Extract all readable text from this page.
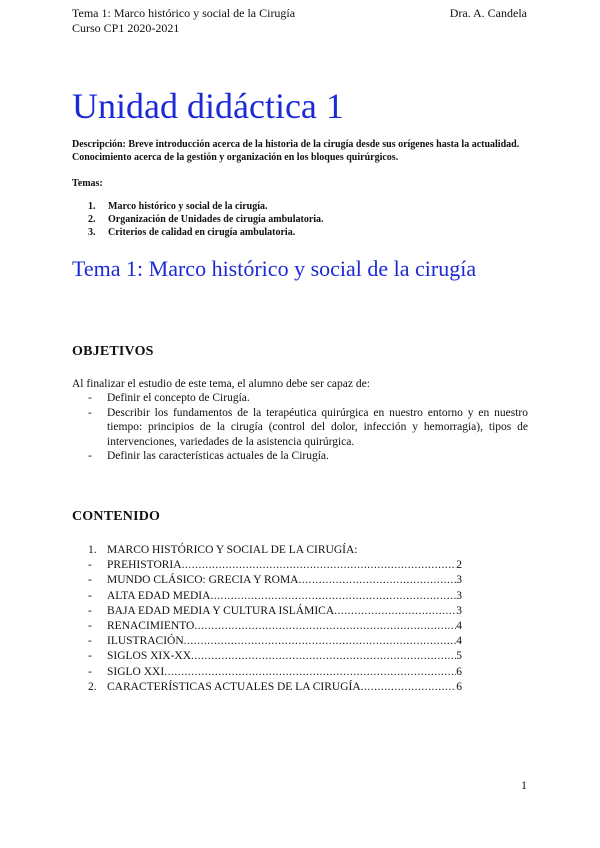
Tema 1: Marco histórico y social de la Cirugía
Curso CP1 2020-2021
Dra. A. Candela
Unidad didáctica 1
Descripción: Breve introducción acerca de la historia de la cirugía desde sus orígenes hasta la actualidad. Conocimiento acerca de la gestión y organización en los bloques quirúrgicos.
Temas:
1.	Marco histórico y social de la cirugía.
2.	Organización de Unidades de cirugía ambulatoria.
3.	Criterios de calidad en cirugía ambulatoria.
Tema 1: Marco histórico y social de la cirugía
OBJETIVOS
Al finalizar el estudio de este tema, el alumno debe ser capaz de:
-	Definir el concepto de Cirugía.
-	Describir los fundamentos de la terapéutica quirúrgica en nuestro entorno y en nuestro tiempo: principios de la cirugía (control del dolor, infección y hemorragia), tipos de intervenciones, variedades de la asistencia quirúrgica.
-	Definir las características actuales de la Cirugía.
CONTENIDO
1. MARCO HISTÓRICO Y SOCIAL DE LA CIRUGÍA:
-	PREHISTORIA .....	2
-	MUNDO CLÁSICO: GRECIA Y ROMA .....	3
-	ALTA EDAD MEDIA .....	3
-	BAJA EDAD MEDIA Y CULTURA ISLÁMICA .....	3
-	RENACIMIENTO .....	4
-	ILUSTRACIÓN .....	4
-	SIGLOS XIX-XX .....	5
-	SIGLO XXI .....	6
2. CARACTERÍSTICAS ACTUALES DE LA CIRUGÍA .....	6
1
